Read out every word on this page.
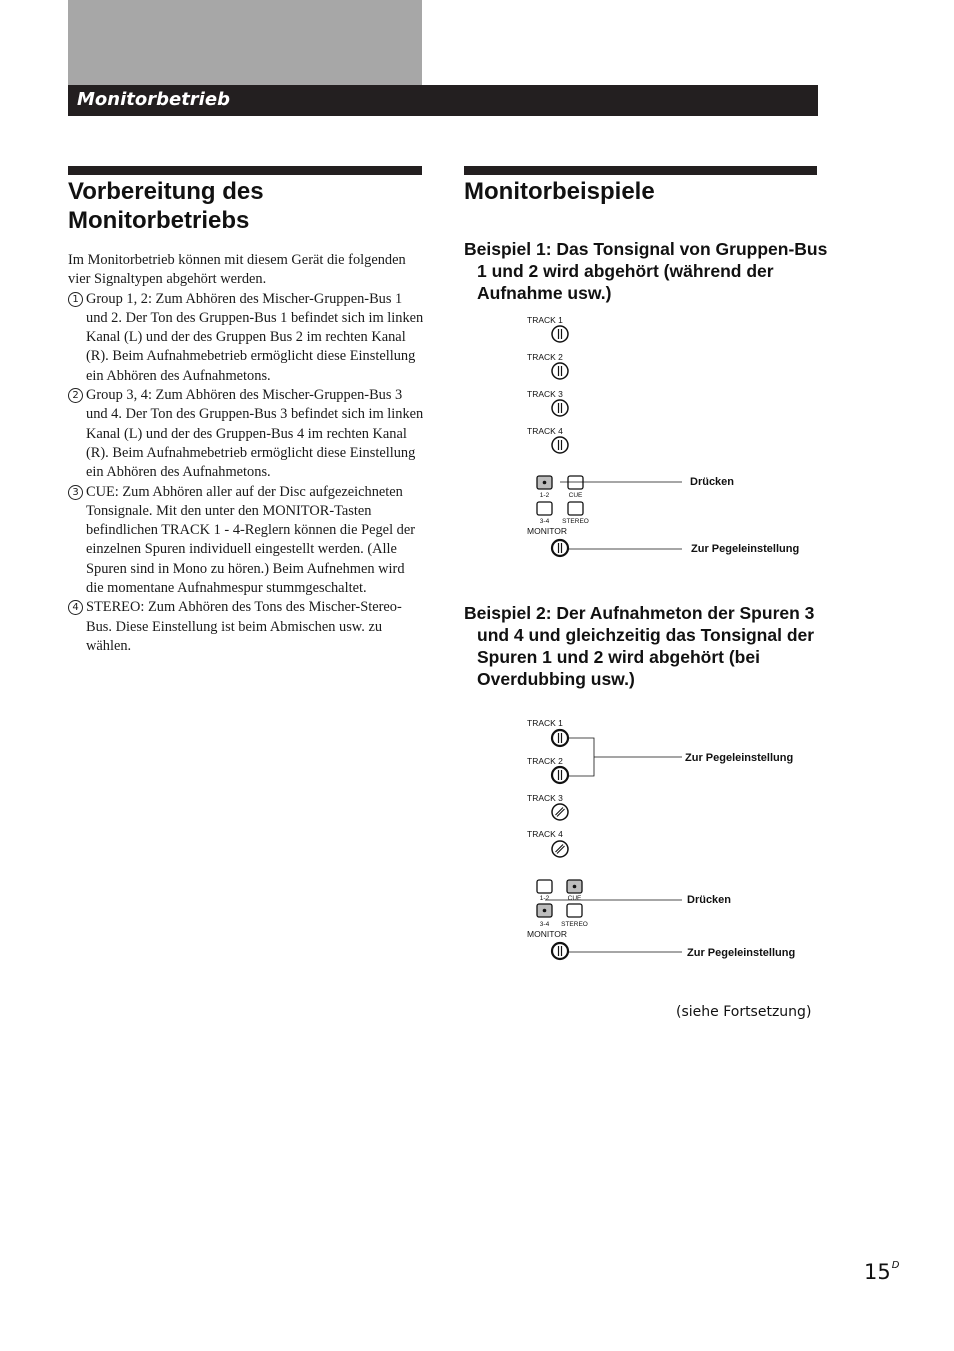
Monitorbetrieb
Vorbereitung des
Monitorbetriebs

Im Monitorbetrieb können mit diesem Gerät die folgenden vier Signaltypen abgehört werden.

1 Group 1, 2: Zum Abhören des Mischer-Gruppen-Bus 1 und 2. Der Ton des Gruppen-Bus 1 befindet sich im linken Kanal (L) und der des Gruppen Bus 2 im rechten Kanal (R). Beim Aufnahmebetrieb ermöglicht diese Einstellung ein Abhören des Aufnahmetons.

2 Group 3, 4: Zum Abhören des Mischer-Gruppen-Bus 3 und 4. Der Ton des Gruppen-Bus 3 befindet sich im linken Kanal (L) und der des Gruppen-Bus 4 im rechten Kanal (R). Beim Aufnahmebetrieb ermöglicht diese Einstellung ein Abhören des Aufnahmetons.

3 CUE: Zum Abhören aller auf der Disc aufgezeichneten Tonsignale. Mit den unter den MONITOR-Tasten befindlichen TRACK 1 - 4-Reglern können die Pegel der einzelnen Spuren individuell eingestellt werden. (Alle Spuren sind in Mono zu hören.) Beim Aufnehmen wird die momentane Aufnahmespur stummgeschaltet.

4 STEREO: Zum Abhören des Tons des Mischer-Stereo-Bus. Diese Einstellung ist beim Abmischen usw. zu wählen.

Monitorbeispiele
Beispiel 1: Das Tonsignal von Gruppen-Bus 1 und 2 wird abgehört (während der Aufnahme usw.)
TRACK 1
TRACK 2
TRACK 3
TRACK 4
1-2	CUE
3-4 STEREO
Drücken
MONITOR
Zur Pegeleinstellung
Beispiel 2: Der Aufnahmeton der Spuren 3 und 4 und gleichzeitig das Tonsignal der Spuren 1 und 2 wird abgehört (bei Overdubbing usw.)
TRACK 1
TRACK 2	Zur Pegeleinstellung
TRACK 3
TRACK 4
1-2	CUE
3-4 STEREO
Drücken
MONITOR
Zur Pegeleinstellung
(siehe Fortsetzung)
$15^D$
